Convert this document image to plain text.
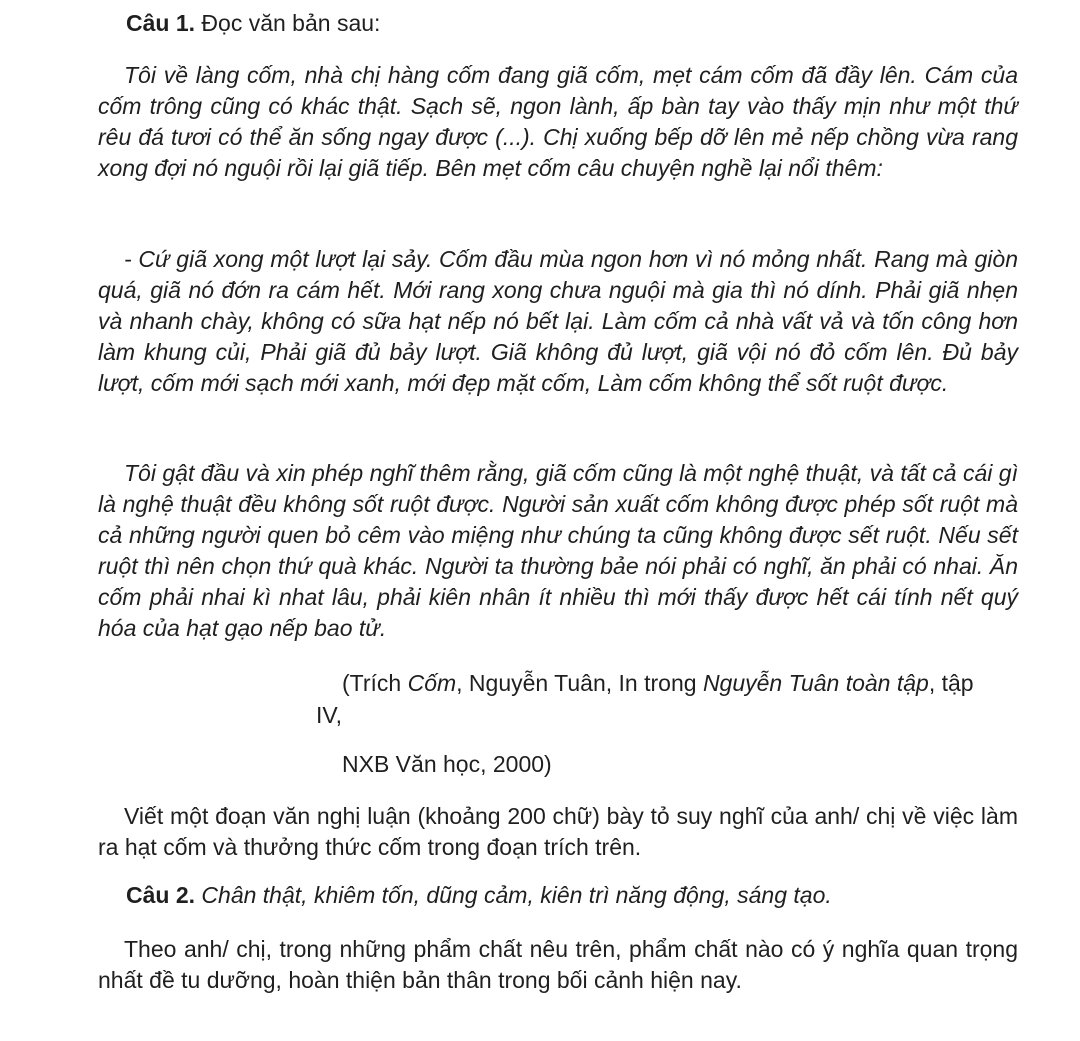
Câu 1. Đọc văn bản sau:

Tôi về làng cốm, nhà chị hàng cốm đang giã cốm, mẹt cám cốm đã đầy lên. Cám của cốm trông cũng có khác thật. Sạch sẽ, ngon lành, ấp bàn tay vào thấy mịn như một thứ rêu đá tươi có thể ăn sống ngay được (...). Chị xuống bếp dỡ lên mẻ nếp chồng vừa rang xong đợi nó nguội rồi lại giã tiếp. Bên mẹt cốm câu chuyện nghề lại nổi thêm:

- Cứ giã xong một lượt lại sảy. Cốm đầu mùa ngon hơn vì nó mỏng nhất. Rang mà giòn quá, giã nó đớn ra cám hết. Mới rang xong chưa nguội mà gia thì nó dính. Phải giã nhẹn và nhanh chày, không có sữa hạt nếp nó bết lại. Làm cốm cả nhà vất vả và tốn công hơn làm khung củi, Phải giã đủ bảy lượt. Giã không đủ lượt, giã vội nó đỏ cốm lên. Đủ bảy lượt, cốm mới sạch mới xanh, mới đẹp mặt cốm, Làm cốm không thể sốt ruột được.

Tôi gật đầu và xin phép nghĩ thêm rằng, giã cốm cũng là một nghệ thuật, và tất cả cái gì là nghệ thuật đều không sốt ruột được. Người sản xuất cốm không được phép sốt ruột mà cả những người quen bỏ cêm vào miệng như chúng ta cũng không được sết ruột. Nếu sết ruột thì nên chọn thứ quà khác. Người ta thường bảe nói phải có nghĩ, ăn phải có nhai. Ăn cốm phải nhai kì nhat lâu, phải kiên nhân ít nhiều thì mới thấy được hết cái tính nết quý hóa của hạt gạo nếp bao tử.

(Trích Cốm, Nguyễn Tuân, In trong Nguyễn Tuân toàn tập, tập
IV,
NXB Văn học, 2000)

Viết một đoạn văn nghị luận (khoảng 200 chữ) bày tỏ suy nghĩ của anh/ chị về việc làm ra hạt cốm và thưởng thức cốm trong đoạn trích trên.

Câu 2. Chân thật, khiêm tốn, dũng cảm, kiên trì năng động, sáng tạo.

Theo anh/ chị, trong những phẩm chất nêu trên, phẩm chất nào có ý nghĩa quan trọng nhất đề tu dưỡng, hoàn thiện bản thân trong bối cảnh hiện nay.
